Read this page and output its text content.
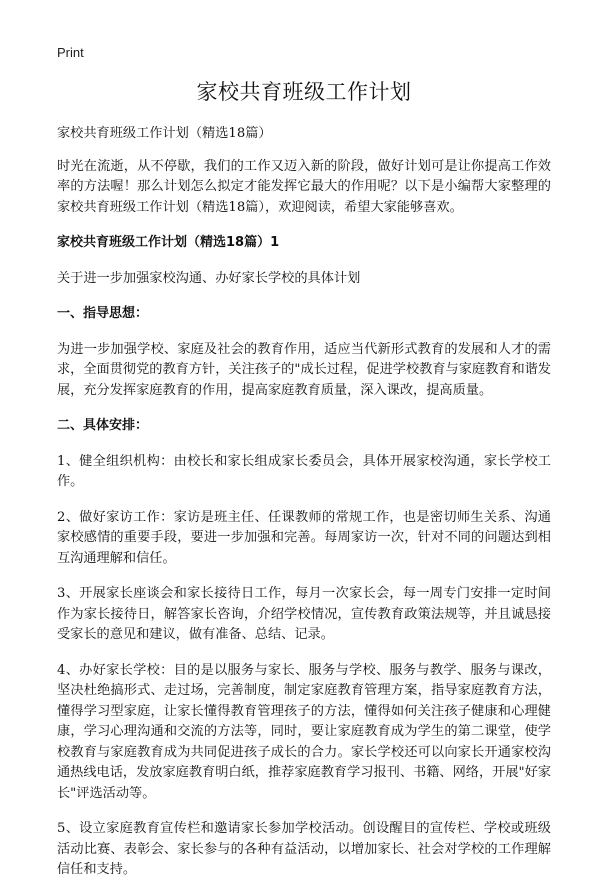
Print
家校共育班级工作计划

家校共育班级工作计划（精选18篇）

时光在流逝，从不停歇，我们的工作又迈入新的阶段，做好计划可是让你提高工作效率的方法喔！那么计划怎么拟定才能发挥它最大的作用呢？以下是小编帮大家整理的家校共育班级工作计划（精选18篇），欢迎阅读，希望大家能够喜欢。

家校共育班级工作计划（精选18篇）1

关于进一步加强家校沟通、办好家长学校的具体计划

一、指导思想：

为进一步加强学校、家庭及社会的教育作用，适应当代新形式教育的发展和人才的需求，全面贯彻党的教育方针，关注孩子的"成长过程，促进学校教育与家庭教育和谐发展，充分发挥家庭教育的作用，提高家庭教育质量，深入课改，提高质量。

二、具体安排：

1、健全组织机构：由校长和家长组成家长委员会，具体开展家校沟通，家长学校工作。

2、做好家访工作：家访是班主任、任课教师的常规工作，也是密切师生关系、沟通家校感情的重要手段，要进一步加强和完善。每周家访一次，针对不同的问题达到相互沟通理解和信任。

3、开展家长座谈会和家长接待日工作，每月一次家长会，每一周专门安排一定时间作为家长接待日，解答家长咨询，介绍学校情况，宣传教育政策法规等，并且诚恳接受家长的意见和建议，做有准备、总结、记录。

4、办好家长学校：目的是以服务与家长、服务与学校、服务与教学、服务与课改，坚决杜绝搞形式、走过场，完善制度，制定家庭教育管理方案，指导家庭教育方法，懂得学习型家庭，让家长懂得教育管理孩子的方法，懂得如何关注孩子健康和心理健康，学习心理沟通和交流的方法等，同时，要让家庭教育成为学生的第二课堂，使学校教育与家庭教育成为共同促进孩子成长的合力。家长学校还可以向家长开通家校沟通热线电话，发放家庭教育明白纸，推荐家庭教育学习报刊、书籍、网络，开展"好家长"评选活动等。

5、设立家庭教育宣传栏和邀请家长参加学校活动。创设醒目的宣传栏、学校或班级活动比赛、表彰会、家长参与的各种有益活动，以增加家长、社会对学校的工作理解信任和支持。
